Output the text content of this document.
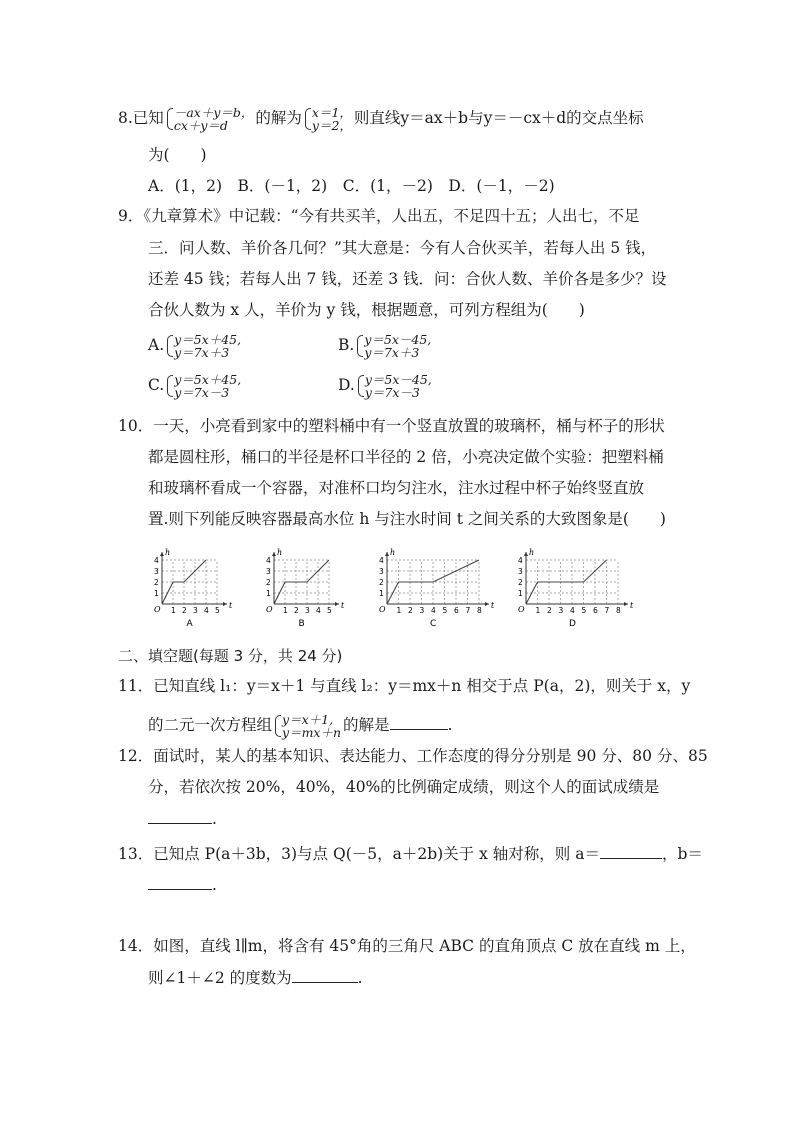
8.已知 －ax＋y＝b，
cx＋y＝d	的解为 x＝1，
y＝2， 则直线y＝ax＋b与y＝－cx＋d的交点坐标
为(　　)
A．(1，2)　B．(－1，2)　C．(1，－2)　D．(－1，－2)
9．《九章算术》中记载：“今有共买羊，人出五，不足四十五；人出七，不足
三．问人数、羊价各几何？”其大意是：今有人合伙买羊，若每人出 5 钱，
还差 45 钱；若每人出 7 钱，还差 3 钱．问：合伙人数、羊价各是多少？设
合伙人数为 x 人，羊价为 y 钱，根据题意，可列方程组为(　　)
A. y＝5x＋45,
y＝7x＋3	B. y＝5x－45,
y＝7x＋3
C. y＝5x＋45,
y＝7x－3	D. y＝5x－45,
y＝7x－3
10．一天，小亮看到家中的塑料桶中有一个竖直放置的玻璃杯，桶与杯子的形状
都是圆柱形，桶口的半径是杯口半径的 2 倍，小亮决定做个实验：把塑料桶
和玻璃杯看成一个容器，对准杯口均匀注水，注水过程中杯子始终竖直放
置.则下列能反映容器最高水位 h 与注水时间 t 之间关系的大致图象是(　　)
h
t
O 1 2 3 4 5
1
2
3
4
A
h
t
O 1 2 3 4 5
1
2
3
4
B
h
t
O 1 2 3 4 5 6 7 8
1
2
3
4
C
h
t
O 1 2 3 4 5 6 7 8
1
2
3
4
D
二、填空题(每题 3 分，共 24 分)
11．已知直线 l₁：y＝x＋1 与直线 l₂：y＝mx＋n 相交于点 P(a，2)，则关于 x，y
的二元一次方程组 y＝x＋1,
y＝mx＋n 的解是	.
12．面试时，某人的基本知识、表达能力、工作态度的得分分别是 90 分、80 分、85
分，若依次按 20%，40%，40%的比例确定成绩，则这个人的面试成绩是
.
13．已知点 P(a＋3b，3)与点 Q(－5，a＋2b)关于 x 轴对称，则 a＝	，b＝
.
14．如图，直线 l∥m，将含有 45°角的三角尺 ABC 的直角顶点 C 放在直线 m 上，
则∠1＋∠2 的度数为	.
